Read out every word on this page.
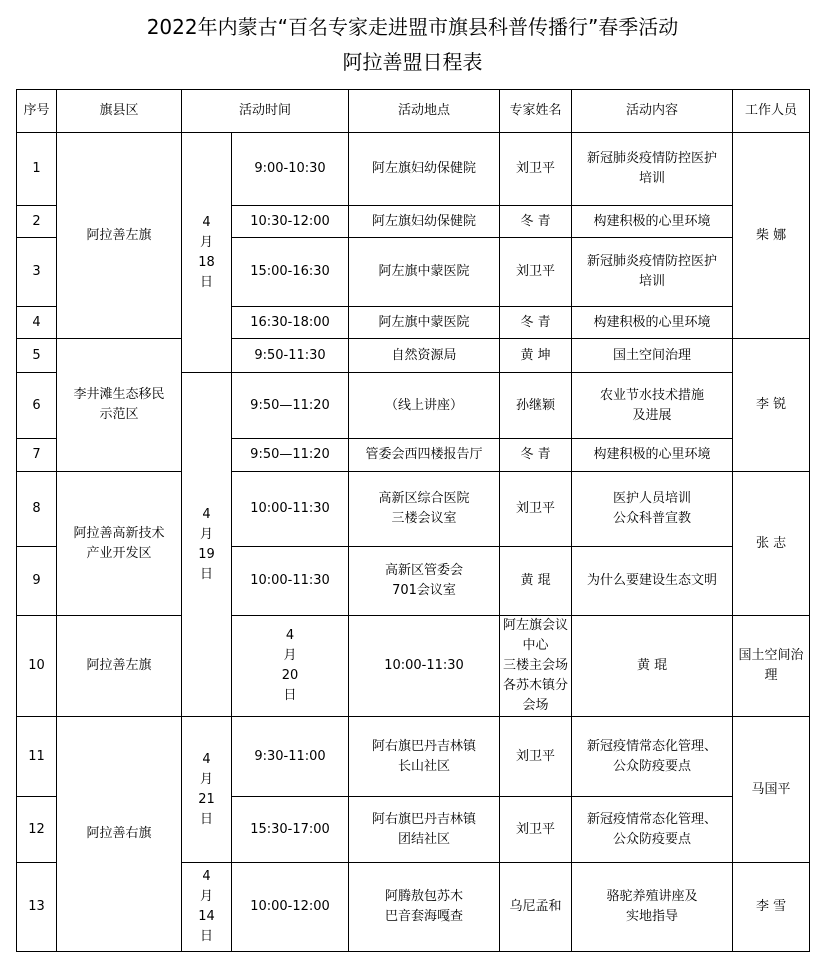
2022年内蒙古“百名专家走进盟市旗县科普传播行”春季活动
阿拉善盟日程表
序号	旗县区	活动时间		活动地点	专家姓名	活动内容	工作人员	
1	阿拉善左旗	4
月
18
日	9:00-10:30	阿左旗妇幼保健院	刘卫平	新冠肺炎疫情防控医护
培训	柴 娜	
2			10:30-12:00	阿左旗妇幼保健院	冬 青	构建积极的心里环境		

3			15:00-16:30	阿左旗中蒙医院	刘卫平	新冠肺炎疫情防控医护
培训		

4			16:30-18:00	阿左旗中蒙医院	冬 青	构建积极的心里环境		

5	李井滩生态移民
示范区		9:50-11:30	自然资源局	黄 坤	国土空间治理	李 锐	
6		4
月
19
日	9:50—11:20	（线上讲座）	孙继颖	农业节水技术措施
及进展		

7			9:50—11:20	管委会西四楼报告厅	冬 青	构建积极的心里环境		

8	阿拉善高新技术
产业开发区		10:00-11:30	高新区综合医院
三楼会议室	刘卫平	医护人员培训
公众科普宣教	张 志	
9			10:00-11:30	高新区管委会
701会议室	黄 琨	为什么要建设生态文明		

10	阿拉善左旗		4
月
20
日	10:00-11:30	阿左旗会议中心
三楼主会场
各苏木镇分会场	黄 琨	国土空间治理

11	阿拉善右旗	4
月
21
日	9:30-11:00	阿右旗巴丹吉林镇
长山社区	刘卫平	新冠疫情常态化管理、
公众防疫要点	马国平	
12			15:30-17:00	阿右旗巴丹吉林镇
团结社区	刘卫平	新冠疫情常态化管理、
公众防疫要点		

13		4
月
14
日	10:00-12:00	阿腾敖包苏木
巴音套海嘎查	乌尼孟和	骆驼养殖讲座及
实地指导	李 雪	
